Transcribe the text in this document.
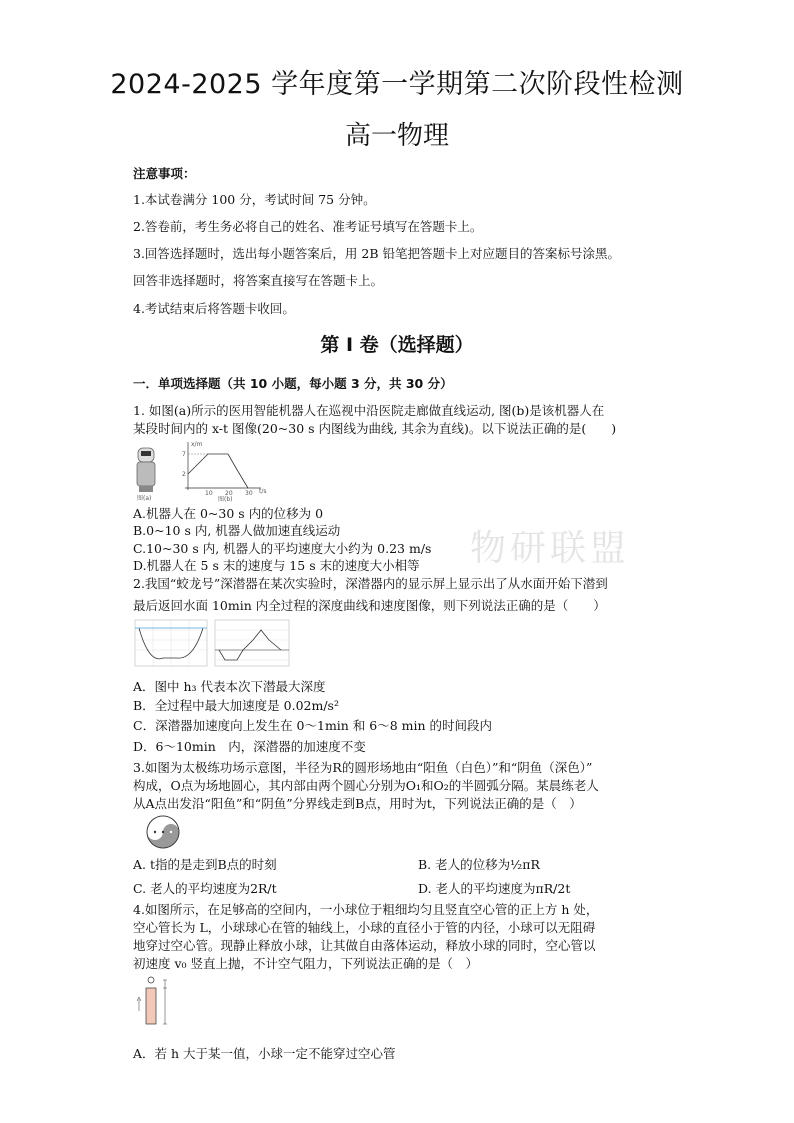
2024-2025 学年度第一学期第二次阶段性检测
高一物理
注意事项：
1.本试卷满分 100 分，考试时间 75 分钟。
2.答卷前，考生务必将自己的姓名、准考证号填写在答题卡上。
3.回答选择题时，选出每小题答案后，用 2B 铅笔把答题卡上对应题目的答案标号涂黑。
回答非选择题时，将答案直接写在答题卡上。
4.考试结束后将答题卡收回。
第 I 卷（选择题）
一．单项选择题（共 10 小题，每小题 3 分，共 30 分）
物研联盟
1. 如图(a)所示的医用智能机器人在巡视中沿医院走廊做直线运动, 图(b)是该机器人在
某段时间内的 x-t 图像(20~30 s 内图线为曲线, 其余为直线)。以下说法正确的是(　　)
图(a)
x/m
7
2
10 20 30 t/s
图(b)
A.机器人在 0~30 s 内的位移为 0
B.0~10 s 内, 机器人做加速直线运动
C.10~30 s 内, 机器人的平均速度大小约为 0.23 m/s
D.机器人在 5 s 末的速度与 15 s 末的速度大小相等
2.我国“蛟龙号”深潜器在某次实验时，深潜器内的显示屏上显示出了从水面开始下潜到
最后返回水面 10min 内全过程的深度曲线和速度图像，则下列说法正确的是（　　）
A．图中 h₃ 代表本次下潜最大深度
B．全过程中最大加速度是 0.02m/s²
C．深潜器加速度向上发生在 0～1min 和 6～8 min 的时间段内
D．6～10min　内，深潜器的加速度不变
3.如图为太极练功场示意图，半径为R的圆形场地由“阳鱼（白色）”和“阴鱼（深色）”
构成，O点为场地圆心，其内部由两个圆心分别为O₁和O₂的半圆弧分隔。某晨练老人
从A点出发沿“阳鱼”和“阴鱼”分界线走到B点，用时为t，下列说法正确的是（　）
A. t指的是走到B点的时刻	B. 老人的位移为½πR
C. 老人的平均速度为2R/t	D. 老人的平均速度为πR/2t
4.如图所示，在足够高的空间内，一小球位于粗细均匀且竖直空心管的正上方 h 处，
空心管长为 L，小球球心在管的轴线上，小球的直径小于管的内径，小球可以无阻碍
地穿过空心管。现静止释放小球，让其做自由落体运动，释放小球的同时，空心管以
初速度 v₀ 竖直上抛，不计空气阻力，下列说法正确的是（　）
A．若 h 大于某一值，小球一定不能穿过空心管
